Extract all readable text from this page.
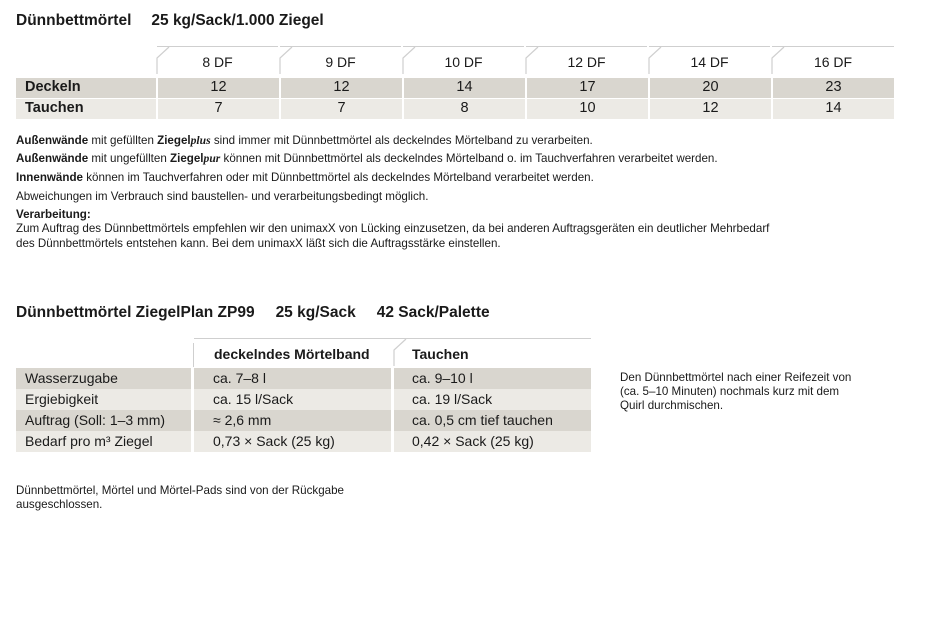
Dünnbettmörtel 25 kg/Sack/1.000 Ziegel
8 DF	9 DF	10 DF	12 DF	14 DF	16 DF
Deckeln	12	12	14	17	20	23
Tauchen	7	7	8	10	12	14
Außenwände mit gefüllten Ziegelplus sind immer mit Dünnbettmörtel als deckelndes Mörtelband zu verarbeiten.
Außenwände mit ungefüllten Ziegelpur können mit Dünnbettmörtel als deckelndes Mörtelband o. im Tauchverfahren verarbeitet werden.
Innenwände können im Tauchverfahren oder mit Dünnbettmörtel als deckelndes Mörtelband verarbeitet werden.
Abweichungen im Verbrauch sind baustellen- und verarbeitungsbedingt möglich.
Verarbeitung:
Zum Auftrag des Dünnbettmörtels empfehlen wir den unimaxX von Lücking einzusetzen, da bei anderen Auftragsgeräten ein deutlicher Mehrbedarf
des Dünnbettmörtels entstehen kann. Bei dem unimaxX läßt sich die Auftragsstärke einstellen.
Dünnbettmörtel ZiegelPlan ZP99 25 kg/Sack 42 Sack/Palette
deckelndes Mörtelband	Tauchen
Wasserzugabe	ca. 7–8 l	ca. 9–10 l
Ergiebigkeit	ca. 15 l/Sack	ca. 19 l/Sack
Auftrag (Soll: 1–3 mm)	≈ 2,6 mm	ca. 0,5 cm tief tauchen
Bedarf pro m³ Ziegel	0,73 × Sack (25 kg)	0,42 × Sack (25 kg)
Den Dünnbettmörtel nach einer Reifezeit von
(ca. 5–10 Minuten) nochmals kurz mit dem
Quirl durchmischen.
Dünnbettmörtel, Mörtel und Mörtel-Pads sind von der Rückgabe
ausgeschlossen.
